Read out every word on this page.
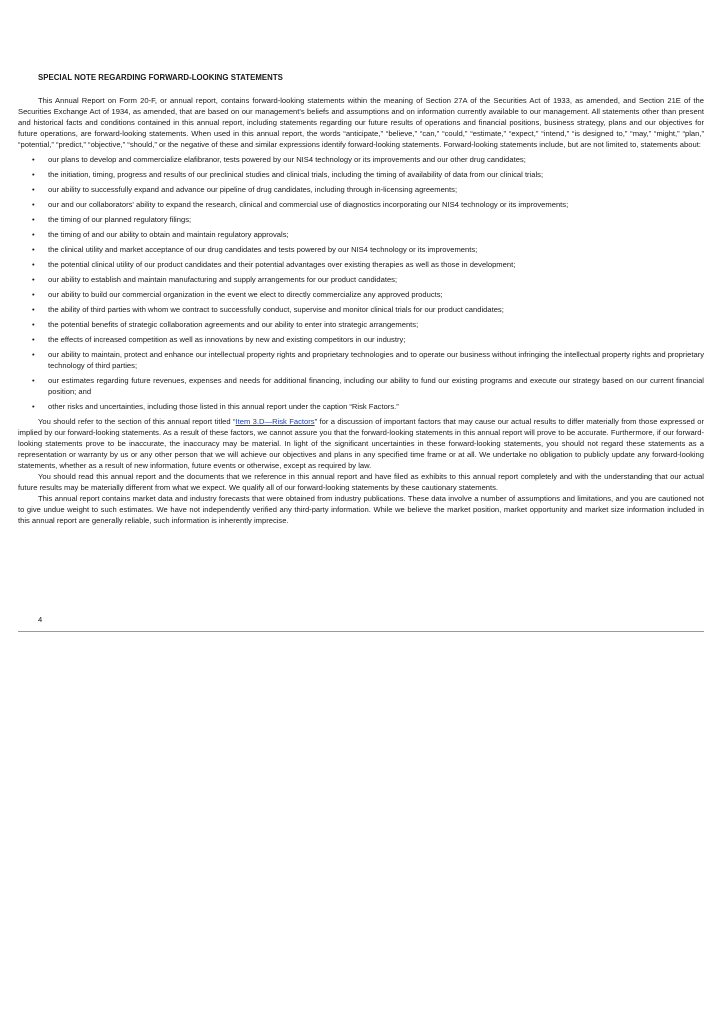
SPECIAL NOTE REGARDING FORWARD-LOOKING STATEMENTS

This Annual Report on Form 20-F, or annual report, contains forward-looking statements within the meaning of Section 27A of the Securities Act of 1933, as amended, and Section 21E of the Securities Exchange Act of 1934, as amended, that are based on our management's beliefs and assumptions and on information currently available to our management. All statements other than present and historical facts and conditions contained in this annual report, including statements regarding our future results of operations and financial positions, business strategy, plans and our objectives for future operations, are forward-looking statements. When used in this annual report, the words “anticipate,” “believe,” “can,” “could,” “estimate,” “expect,” “intend,” “is designed to,” “may,” “might,” “plan,” “potential,” “predict,” “objective,” “should,” or the negative of these and similar expressions identify forward-looking statements. Forward-looking statements include, but are not limited to, statements about:

• our plans to develop and commercialize elafibranor, tests powered by our NIS4 technology or its improvements and our other drug candidates;
• the initiation, timing, progress and results of our preclinical studies and clinical trials, including the timing of availability of data from our clinical trials;
• our ability to successfully expand and advance our pipeline of drug candidates, including through in-licensing agreements;
• our and our collaborators' ability to expand the research, clinical and commercial use of diagnostics incorporating our NIS4 technology or its improvements;
• the timing of our planned regulatory filings;
• the timing of and our ability to obtain and maintain regulatory approvals;
• the clinical utility and market acceptance of our drug candidates and tests powered by our NIS4 technology or its improvements;
• the potential clinical utility of our product candidates and their potential advantages over existing therapies as well as those in development;
• our ability to establish and maintain manufacturing and supply arrangements for our product candidates;
• our ability to build our commercial organization in the event we elect to directly commercialize any approved products;
• the ability of third parties with whom we contract to successfully conduct, supervise and monitor clinical trials for our product candidates;
• the potential benefits of strategic collaboration agreements and our ability to enter into strategic arrangements;
• the effects of increased competition as well as innovations by new and existing competitors in our industry;
• our ability to maintain, protect and enhance our intellectual property rights and proprietary technologies and to operate our business without infringing the intellectual property rights and proprietary technology of third parties;
• our estimates regarding future revenues, expenses and needs for additional financing, including our ability to fund our existing programs and execute our strategy based on our current financial position; and
• other risks and uncertainties, including those listed in this annual report under the caption “Risk Factors.”

You should refer to the section of this annual report titled “Item 3.D—Risk Factors” for a discussion of important factors that may cause our actual results to differ materially from those expressed or implied by our forward-looking statements. As a result of these factors, we cannot assure you that the forward-looking statements in this annual report will prove to be accurate. Furthermore, if our forward-looking statements prove to be inaccurate, the inaccuracy may be material. In light of the significant uncertainties in these forward-looking statements, you should not regard these statements as a representation or warranty by us or any other person that we will achieve our objectives and plans in any specified time frame or at all. We undertake no obligation to publicly update any forward-looking statements, whether as a result of new information, future events or otherwise, except as required by law.

You should read this annual report and the documents that we reference in this annual report and have filed as exhibits to this annual report completely and with the understanding that our actual future results may be materially different from what we expect. We qualify all of our forward-looking statements by these cautionary statements.

This annual report contains market data and industry forecasts that were obtained from industry publications. These data involve a number of assumptions and limitations, and you are cautioned not to give undue weight to such estimates. We have not independently verified any third-party information. While we believe the market position, market opportunity and market size information included in this annual report are generally reliable, such information is inherently imprecise.

4
